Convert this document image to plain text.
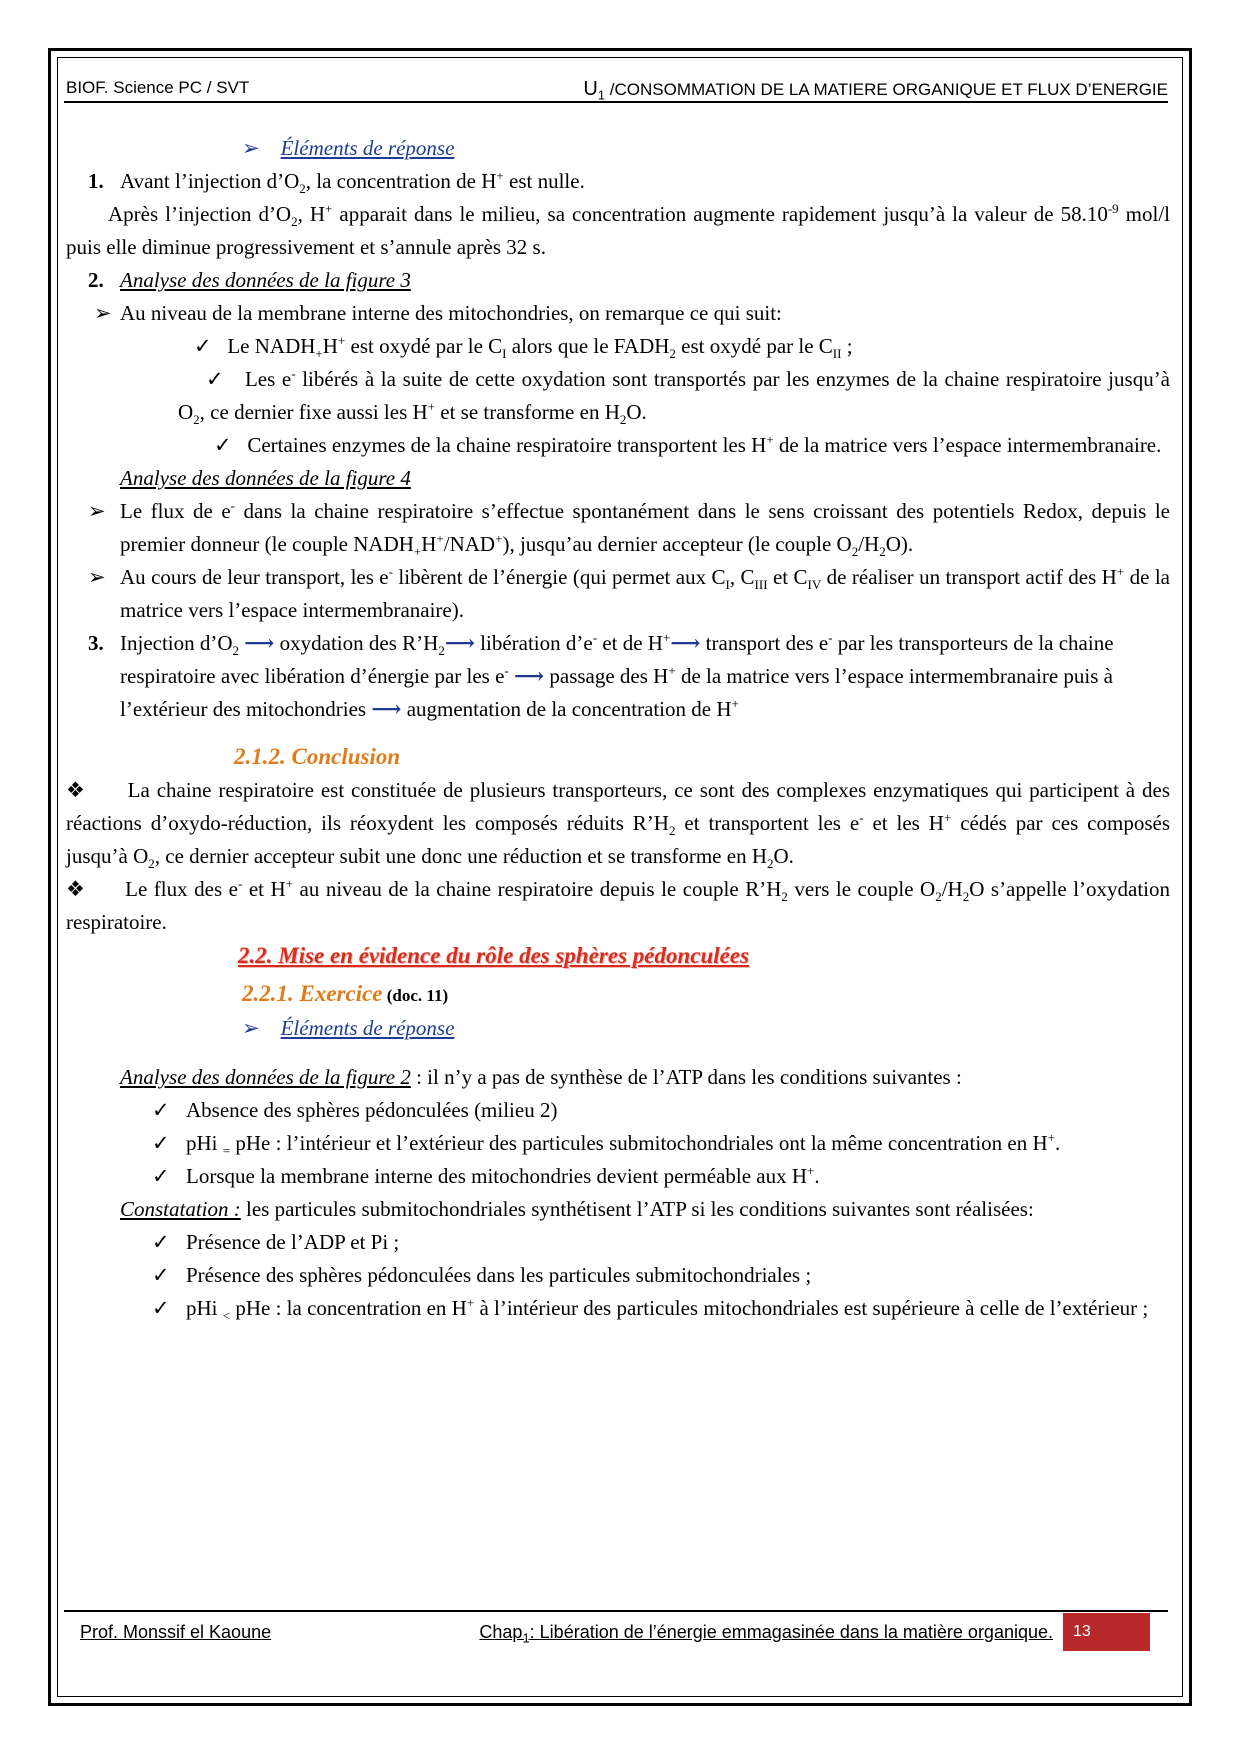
BIOF. Science PC / SVT	$U_1$ /CONSOMMATION DE LA MATIERE ORGANIQUE ET FLUX D’ENERGIE

➢ Éléments de réponse

1. Avant l’injection $d’O_2$, la concentration de H+ est nulle.

Après l’injection $d’O_2$, H+ apparait dans le milieu, sa concentration augmente rapidement jusqu’à la valeur de $58.10^{-9}$ mol/l puis elle diminue progressivement et s’annule après 32 s.

2. Analyse des données de la figure 3
➢ Au niveau de la membrane interne des mitochondries, on remarque ce qui suit:

✓ Le $NADH_+H^+$ est oxydé par le $C_I$ alors que le $FADH_2$ est oxydé par le $C_{II}$ ;

✓ Les e- libérés à la suite de cette oxydation sont transportés par les enzymes de la chaine respiratoire jusqu’à $O_2$, ce dernier fixe aussi les H+ et se transforme en $H_2O$.

✓ Certaines enzymes de la chaine respiratoire transportent les H+ de la matrice vers l’espace intermembranaire.

Analyse des données de la figure 4

➢ Le flux de e- dans la chaine respiratoire s’effectue spontanément dans le sens croissant des potentiels Redox, depuis le premier donneur (le couple $NADH_+H^+/NAD^+$), jusqu’au dernier accepteur (le couple $O_2/H_2O$).
➢ Au cours de leur transport, les e- libèrent de l’énergie (qui permet aux $C_I$, $C_{III}$ et $C_{IV}$ de réaliser un transport actif des H+ de la matrice vers l’espace intermembranaire).
3. Injection $d’O_2$ ⟶ oxydation des $R’H_2⟶$ libération d’e- et de H+⟶ transport des e- par les transporteurs de la chaine respiratoire avec libération d’énergie par les e- ⟶ passage des H+ de la matrice vers l’espace intermembranaire puis à l’extérieur des mitochondries ⟶ augmentation de la concentration de H+

2.1.2. Conclusion

❖ La chaine respiratoire est constituée de plusieurs transporteurs, ce sont des complexes enzymatiques qui participent à des réactions d’oxydo-réduction, ils réoxydent les composés réduits $R’H_2$ et transportent les e- et les H+ cédés par ces composés jusqu’à $O_2$, ce dernier accepteur subit une donc une réduction et se transforme en $H_2O$.

❖ Le flux des e- et H+ au niveau de la chaine respiratoire depuis le couple $R’H_2$ vers le couple $O_2/H_2O$ s’appelle l’oxydation respiratoire.

2.2. Mise en évidence du rôle des sphères pédonculées

2.2.1. Exercice (doc. 11)

➢ Éléments de réponse

Analyse des données de la figure 2 : il n’y a pas de synthèse de l’ATP dans les conditions suivantes :

✓ Absence des sphères pédonculées (milieu 2)
✓ pHi $_=$ pHe : l’intérieur et l’extérieur des particules submitochondriales ont la même concentration en H+.
✓ Lorsque la membrane interne des mitochondries devient perméable aux H+.

Constatation : les particules submitochondriales synthétisent l’ATP si les conditions suivantes sont réalisées:

✓ Présence de l’ADP et Pi ;
✓ Présence des sphères pédonculées dans les particules submitochondriales ;
✓ pHi $_<$ pHe : la concentration en H+ à l’intérieur des particules mitochondriales est supérieure à celle de l’extérieur ;
Prof. Monssif el Kaoune	Chap$_1$: Libération de l’énergie emmagasinée dans la matière organique.	13
